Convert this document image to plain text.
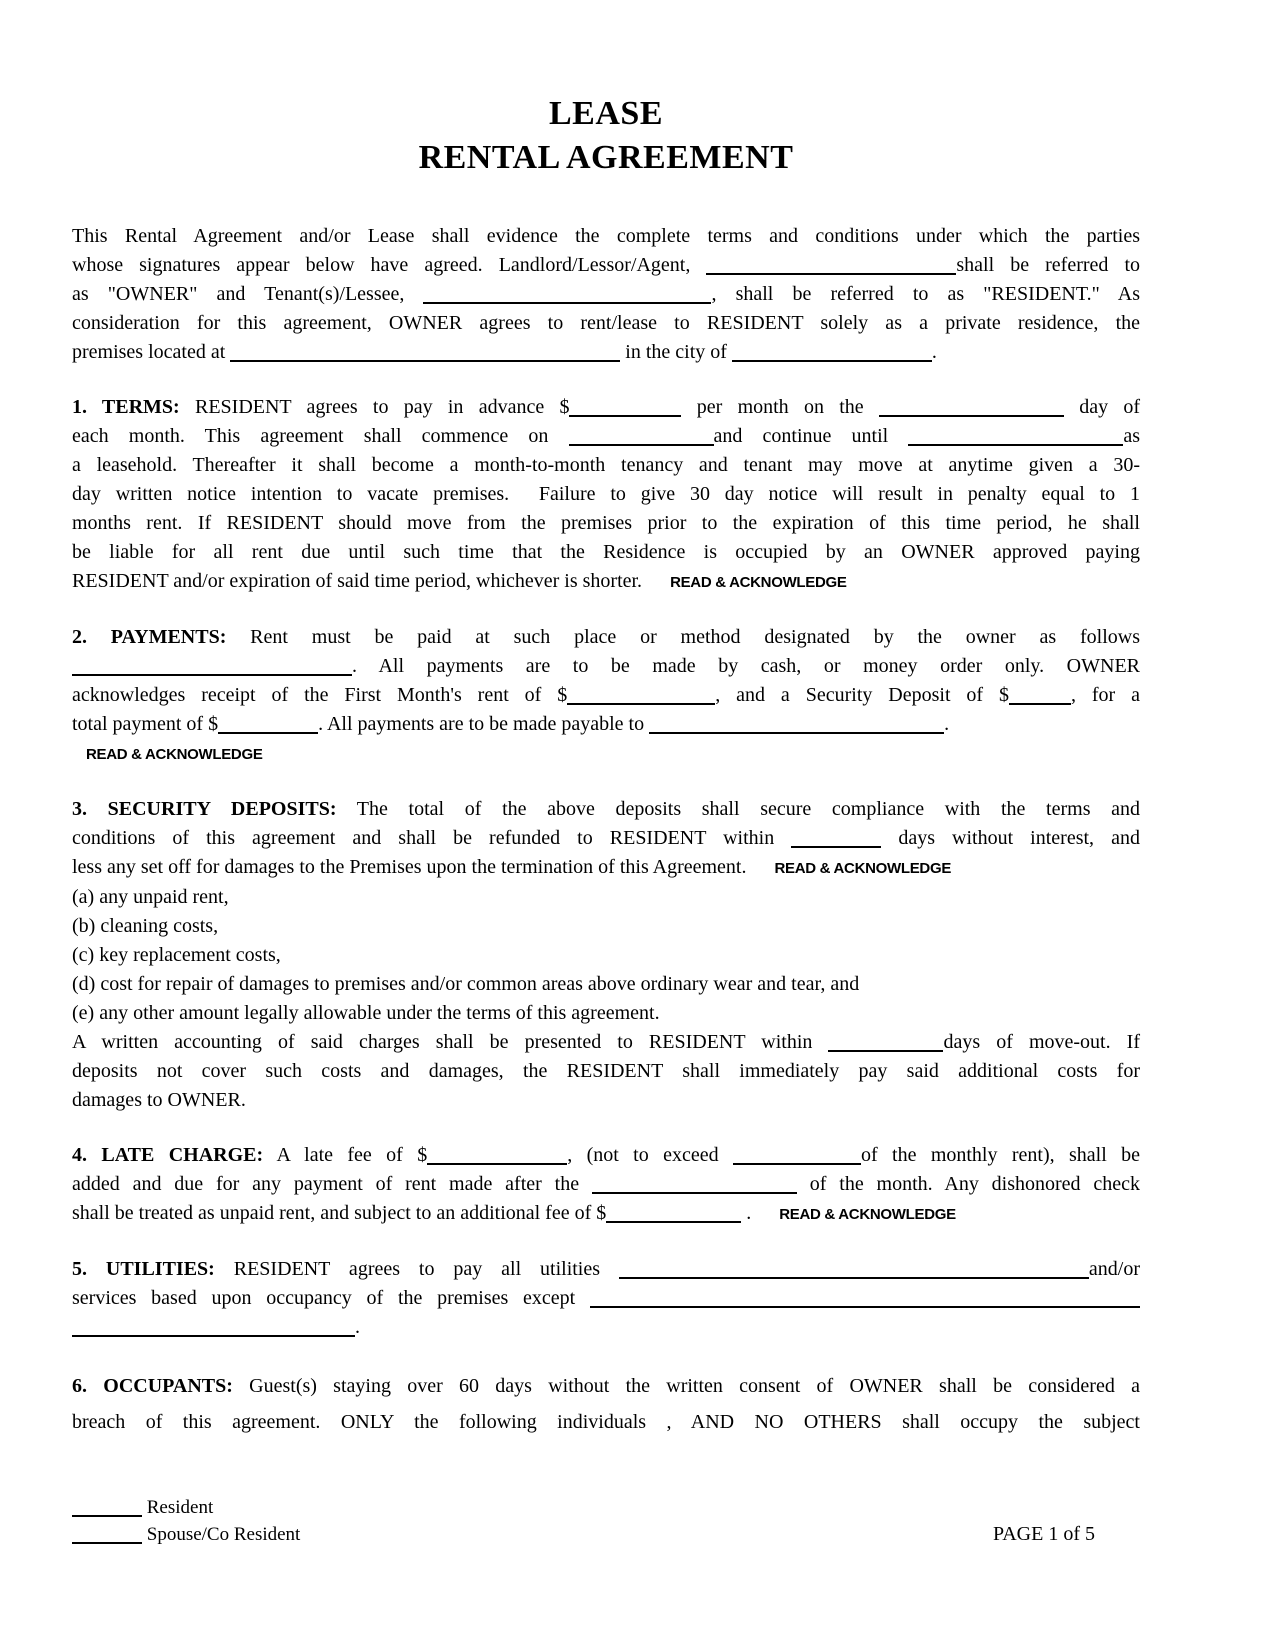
LEASE
RENTAL AGREEMENT
This Rental Agreement and/or Lease shall evidence the complete terms and conditions under which the parties
whose signatures appear below have agreed. Landlord/Lessor/Agent,	shall be referred to
as "OWNER" and Tenant(s)/Lessee,	, shall be referred to as "RESIDENT." As
consideration for this agreement, OWNER agrees to rent/lease to RESIDENT solely as a private residence, the
premises located at	in the city of	.
1. TERMS: RESIDENT agrees to pay in advance $	per month on the	day of
each month. This agreement shall commence on	and continue until	as
a leasehold. Thereafter it shall become a month-to-month tenancy and tenant may move at anytime given a 30-
day written notice intention to vacate premises.  Failure to give 30 day notice will result in penalty equal to 1
months rent. If RESIDENT should move from the premises prior to the expiration of this time period, he shall
be liable for all rent due until such time that the Residence is occupied by an OWNER approved paying
RESIDENT and/or expiration of said time period, whichever is shorter. READ & ACKNOWLEDGE
2. PAYMENTS: Rent must be paid at such place or method designated by the owner as follows
. All payments are to be made by cash, or money order only. OWNER
acknowledges receipt of the First Month's rent of $	, and a Security Deposit of $	, for a
total payment of $	. All payments are to be made payable to	.
READ & ACKNOWLEDGE
3. SECURITY DEPOSITS: The total of the above deposits shall secure compliance with the terms and
conditions of this agreement and shall be refunded to RESIDENT within	days without interest, and
less any set off for damages to the Premises upon the termination of this Agreement. READ & ACKNOWLEDGE
(a) any unpaid rent,
(b) cleaning costs,
(c) key replacement costs,
(d) cost for repair of damages to premises and/or common areas above ordinary wear and tear, and
(e) any other amount legally allowable under the terms of this agreement.
A written accounting of said charges shall be presented to RESIDENT within	days of move-out. If
deposits not cover such costs and damages, the RESIDENT shall immediately pay said additional costs for
damages to OWNER.
4. LATE CHARGE: A late fee of $	, (not to exceed	of the monthly rent), shall be
added and due for any payment of rent made after the	of the month. Any dishonored check
shall be treated as unpaid rent, and subject to an additional fee of $	. READ & ACKNOWLEDGE
5. UTILITIES: RESIDENT agrees to pay all utilities	and/or
services based upon occupancy of the premises except
.
6. OCCUPANTS: Guest(s) staying over 60 days without the written consent of OWNER shall be considered a
breach of this agreement. ONLY the following individuals , AND NO OTHERS shall occupy the subject
Resident
Spouse/Co Resident	PAGE 1 of 5
